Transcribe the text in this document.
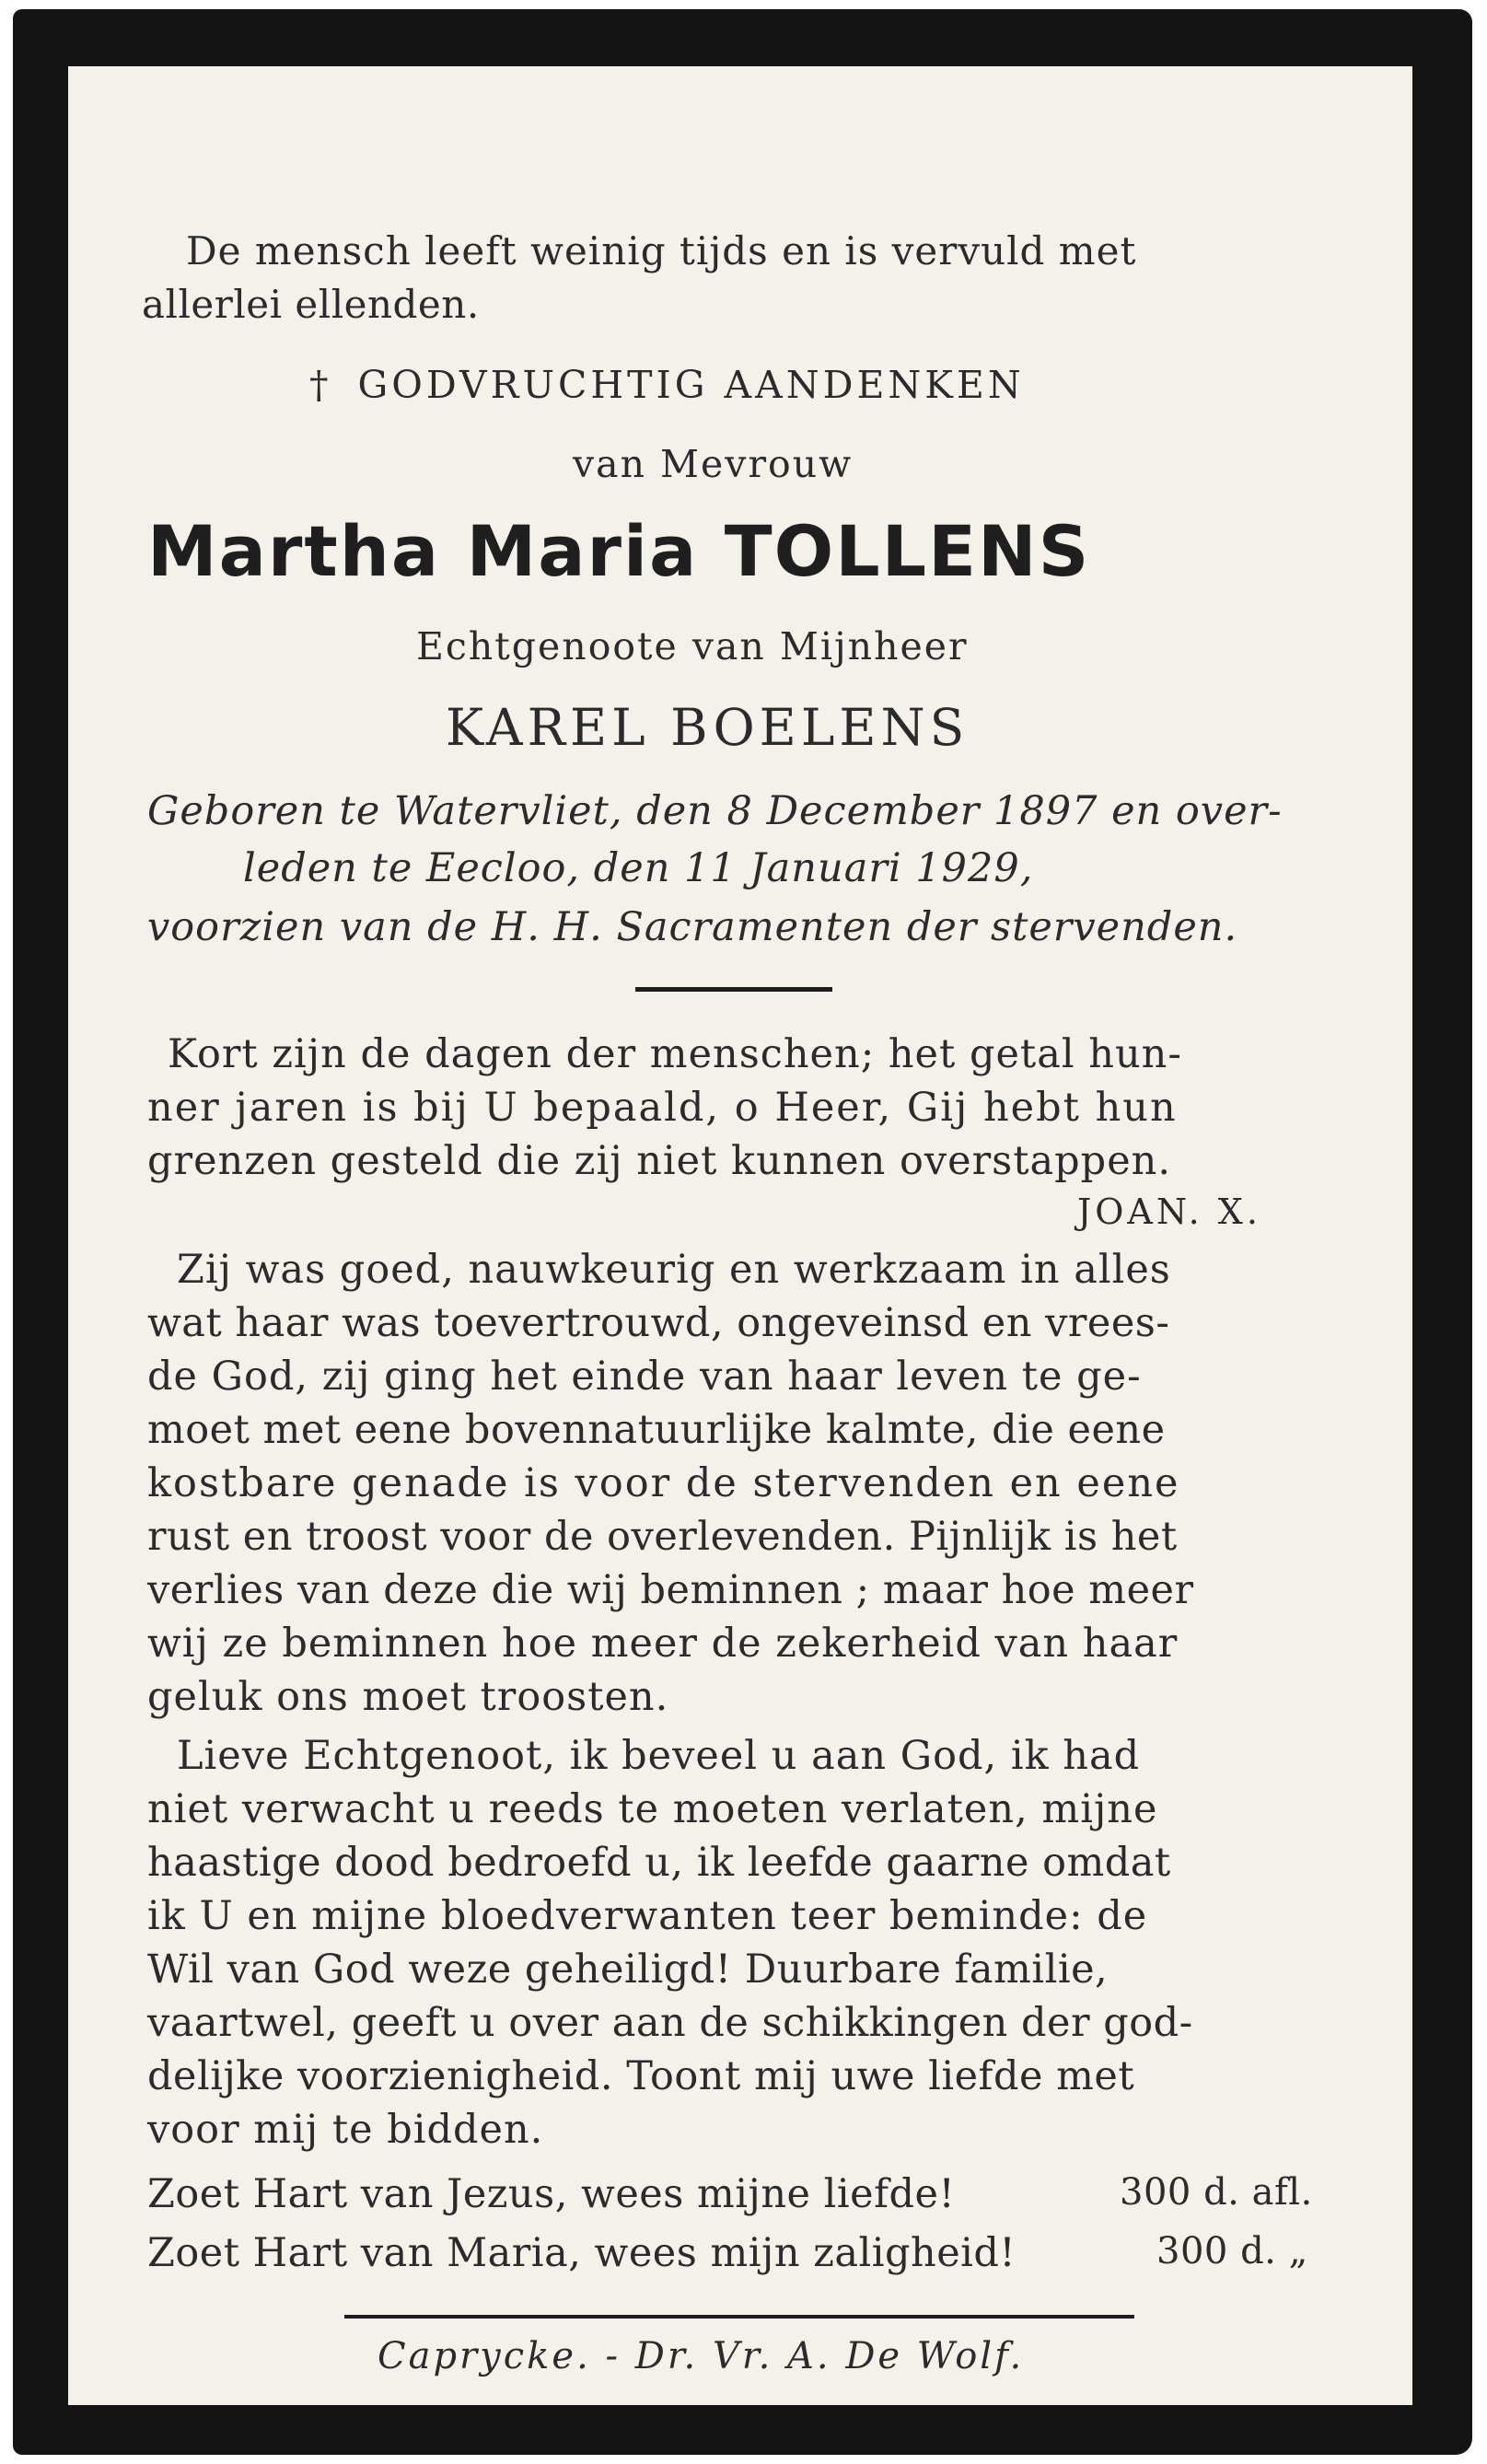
De mensch leeft weinig tijds en is vervuld met

allerlei ellenden.

† GODVRUCHTIG AANDENKEN

van Mevrouw

Martha Maria TOLLENS

Echtgenoote van Mijnheer

KAREL BOELENS

Geboren te Watervliet, den 8 December 1897 en over-

leden te Eecloo, den 11 Januari 1929,

voorzien van de H. H. Sacramenten der stervenden.

Kort zijn de dagen der menschen; het getal hun-

ner jaren is bij U bepaald, o Heer, Gij hebt hun

grenzen gesteld die zij niet kunnen overstappen.

JOAN. X.

Zij was goed, nauwkeurig en werkzaam in alles

wat haar was toevertrouwd, ongeveinsd en vrees-

de God, zij ging het einde van haar leven te ge-

moet met eene bovennatuurlijke kalmte, die eene

kostbare genade is voor de stervenden en eene

rust en troost voor de overlevenden. Pijnlijk is het

verlies van deze die wij beminnen ; maar hoe meer

wij ze beminnen hoe meer de zekerheid van haar

geluk ons moet troosten.

Lieve Echtgenoot, ik beveel u aan God, ik had

niet verwacht u reeds te moeten verlaten, mijne

haastige dood bedroefd u, ik leefde gaarne omdat

ik U en mijne bloedverwanten teer beminde: de

Wil van God weze geheiligd! Duurbare familie,

vaartwel, geeft u over aan de schikkingen der god-

delijke voorzienigheid. Toont mij uwe liefde met

voor mij te bidden.

Zoet Hart van Jezus, wees mijne liefde!	300 d. afl.

Zoet Hart van Maria, wees mijn zaligheid!	300 d. „

Caprycke. - Dr. Vr. A. De Wolf.
